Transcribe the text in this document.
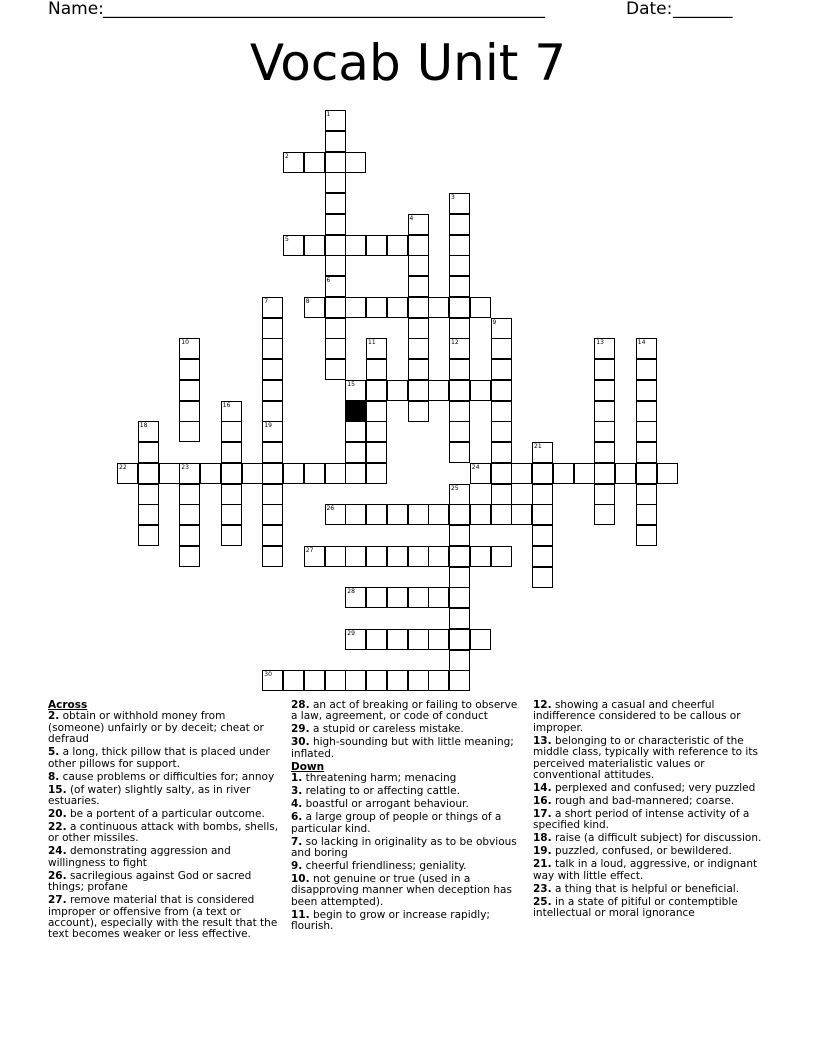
Name: ____________________________________________________	Date: _______
Vocab Unit 7
2
5
8
15
22	23	24
26
27
28
29
30
1
6
3
12
4
7
19
9
10	11	13	14
16
18
21
25
Across
2. obtain or withhold money from (someone) unfairly or by deceit; cheat or defraud
5. a long, thick pillow that is placed under other pillows for support.
8. cause problems or difficulties for; annoy
15. (of water) slightly salty, as in river estuaries.
20. be a portent of a particular outcome.
22. a continuous attack with bombs, shells, or other missiles.
24. demonstrating aggression and willingness to fight
26. sacrilegious against God or sacred things; profane
27. remove material that is considered improper or offensive from (a text or account), especially with the result that the text becomes weaker or less effective.
28. an act of breaking or failing to observe a law, agreement, or code of conduct
29. a stupid or careless mistake.
30. high-sounding but with little meaning; inflated.
Down
1. threatening harm; menacing
3. relating to or affecting cattle.
4. boastful or arrogant behaviour.
6. a large group of people or things of a particular kind.
7. so lacking in originality as to be obvious and boring
9. cheerful friendliness; geniality.
10. not genuine or true (used in a disapproving manner when deception has been attempted).
11. begin to grow or increase rapidly; flourish.
12. showing a casual and cheerful indifference considered to be callous or improper.
13. belonging to or characteristic of the middle class, typically with reference to its perceived materialistic values or conventional attitudes.
14. perplexed and confused; very puzzled
16. rough and bad-mannered; coarse.
17. a short period of intense activity of a specified kind.
18. raise (a difficult subject) for discussion.
19. puzzled, confused, or bewildered.
21. talk in a loud, aggressive, or indignant way with little effect.
23. a thing that is helpful or beneficial.
25. in a state of pitiful or contemptible intellectual or moral ignorance
